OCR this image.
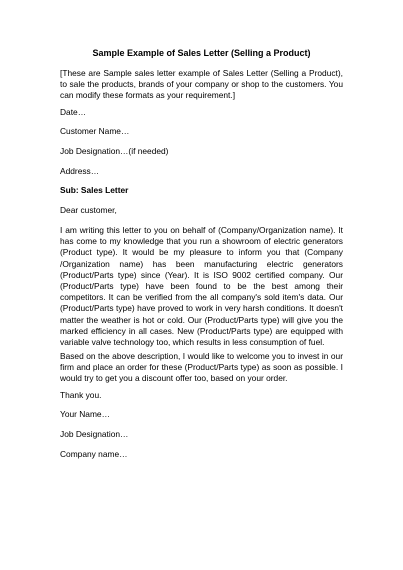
Sample Example of Sales Letter (Selling a Product)
[These are Sample sales letter example of Sales Letter (Selling a Product), to sale the products, brands of your company or shop to the customers. You can modify these formats as your requirement.]
Date…
Customer Name…
Job Designation…(if needed)
Address…
Sub: Sales Letter
Dear customer,
I am writing this letter to you on behalf of (Company/Organization name). It has come to my knowledge that you run a showroom of electric generators (Product type). It would be my pleasure to inform you that (Company /Organization name) has been manufacturing electric generators (Product/Parts type) since (Year). It is ISO 9002 certified company. Our (Product/Parts type) have been found to be the best among their competitors. It can be verified from the all company's sold item's data. Our (Product/Parts type) have proved to work in very harsh conditions. It doesn't matter the weather is hot or cold. Our (Product/Parts type) will give you the marked efficiency in all cases. New (Product/Parts type) are equipped with variable valve technology too, which results in less consumption of fuel.
Based on the above description, I would like to welcome you to invest in our firm and place an order for these (Product/Parts type) as soon as possible. I would try to get you a discount offer too, based on your order.
Thank you.
Your Name…
Job Designation…
Company name…
